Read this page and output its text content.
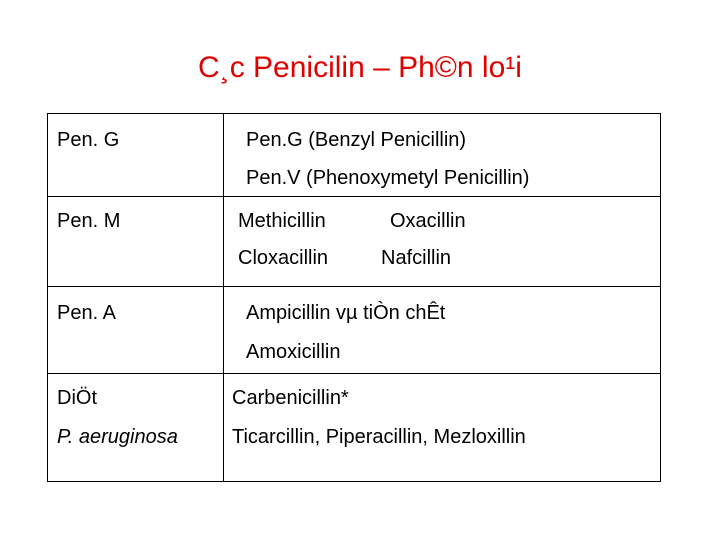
C¸c Penicilin – Ph©n lo¹i
Pen. G	Pen.G (Benzyl Penicillin)
Pen.V (Phenoxymetyl Penicillin)

Pen. M	Methicillin Oxacillin
Cloxacillin Nafcillin

Pen. A	Ampicillin vµ tiÒn chÊt
Amoxicillin

DiÖt
P. aeruginosa	Carbenicillin*
Ticarcillin, Piperacillin, Mezloxillin
